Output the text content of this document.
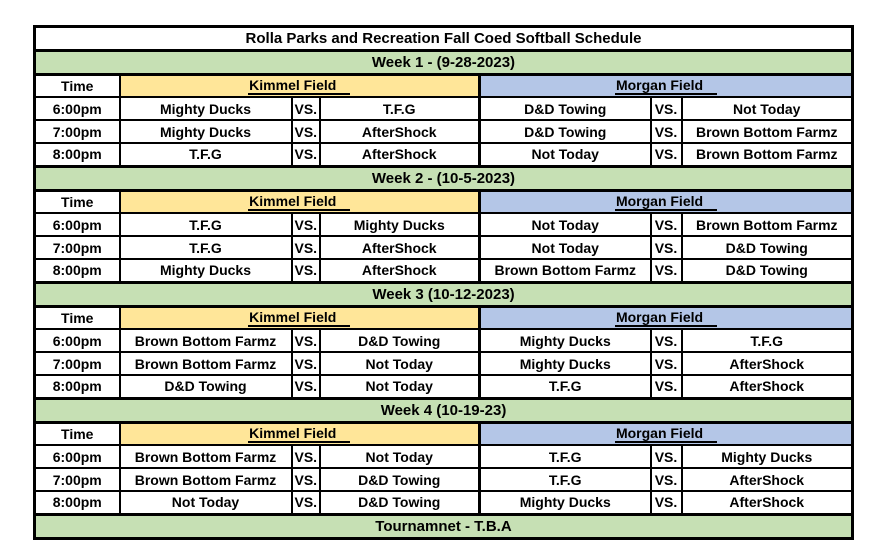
Rolla Parks and Recreation Fall Coed Softball Schedule						
Week 1 - (9-28-2023)						
Time	Kimmel Field			Morgan Field		
6:00pm	Mighty Ducks	VS.	T.F.G	D&D Towing	VS.	Not Today
7:00pm	Mighty Ducks	VS.	AfterShock	D&D Towing	VS.	Brown Bottom Farmz
8:00pm	T.F.G	VS.	AfterShock	Not Today	VS.	Brown Bottom Farmz
Week 2 - (10-5-2023)						
Time	Kimmel Field			Morgan Field		
6:00pm	T.F.G	VS.	Mighty Ducks	Not Today	VS.	Brown Bottom Farmz
7:00pm	T.F.G	VS.	AfterShock	Not Today	VS.	D&D Towing
8:00pm	Mighty Ducks	VS.	AfterShock	Brown Bottom Farmz	VS.	D&D Towing
Week 3 (10-12-2023)						
Time	Kimmel Field			Morgan Field		
6:00pm	Brown Bottom Farmz	VS.	D&D Towing	Mighty Ducks	VS.	T.F.G
7:00pm	Brown Bottom Farmz	VS.	Not Today	Mighty Ducks	VS.	AfterShock
8:00pm	D&D Towing	VS.	Not Today	T.F.G	VS.	AfterShock
Week 4 (10-19-23)						
Time	Kimmel Field			Morgan Field		
6:00pm	Brown Bottom Farmz	VS.	Not Today	T.F.G	VS.	Mighty Ducks
7:00pm	Brown Bottom Farmz	VS.	D&D Towing	T.F.G	VS.	AfterShock
8:00pm	Not Today	VS.	D&D Towing	Mighty Ducks	VS.	AfterShock
Tournamnet - T.B.A						
